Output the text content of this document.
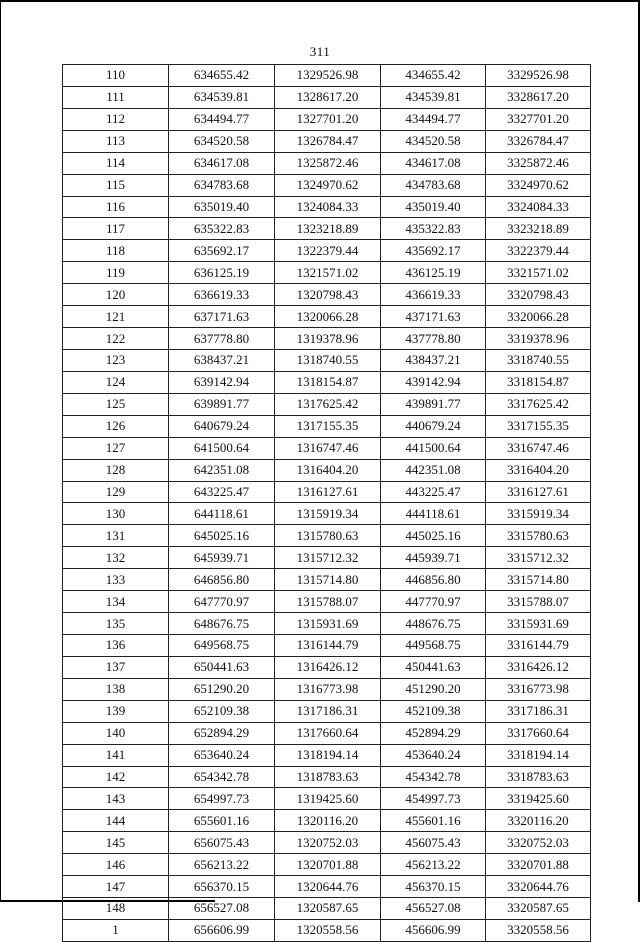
311
110	634655.42	1329526.98	434655.42	3329526.98
111	634539.81	1328617.20	434539.81	3328617.20
112	634494.77	1327701.20	434494.77	3327701.20
113	634520.58	1326784.47	434520.58	3326784.47
114	634617.08	1325872.46	434617.08	3325872.46
115	634783.68	1324970.62	434783.68	3324970.62
116	635019.40	1324084.33	435019.40	3324084.33
117	635322.83	1323218.89	435322.83	3323218.89
118	635692.17	1322379.44	435692.17	3322379.44
119	636125.19	1321571.02	436125.19	3321571.02
120	636619.33	1320798.43	436619.33	3320798.43
121	637171.63	1320066.28	437171.63	3320066.28
122	637778.80	1319378.96	437778.80	3319378.96
123	638437.21	1318740.55	438437.21	3318740.55
124	639142.94	1318154.87	439142.94	3318154.87
125	639891.77	1317625.42	439891.77	3317625.42
126	640679.24	1317155.35	440679.24	3317155.35
127	641500.64	1316747.46	441500.64	3316747.46
128	642351.08	1316404.20	442351.08	3316404.20
129	643225.47	1316127.61	443225.47	3316127.61
130	644118.61	1315919.34	444118.61	3315919.34
131	645025.16	1315780.63	445025.16	3315780.63
132	645939.71	1315712.32	445939.71	3315712.32
133	646856.80	1315714.80	446856.80	3315714.80
134	647770.97	1315788.07	447770.97	3315788.07
135	648676.75	1315931.69	448676.75	3315931.69
136	649568.75	1316144.79	449568.75	3316144.79
137	650441.63	1316426.12	450441.63	3316426.12
138	651290.20	1316773.98	451290.20	3316773.98
139	652109.38	1317186.31	452109.38	3317186.31
140	652894.29	1317660.64	452894.29	3317660.64
141	653640.24	1318194.14	453640.24	3318194.14
142	654342.78	1318783.63	454342.78	3318783.63
143	654997.73	1319425.60	454997.73	3319425.60
144	655601.16	1320116.20	455601.16	3320116.20
145	656075.43	1320752.03	456075.43	3320752.03
146	656213.22	1320701.88	456213.22	3320701.88
147	656370.15	1320644.76	456370.15	3320644.76
148	656527.08	1320587.65	456527.08	3320587.65
1	656606.99	1320558.56	456606.99	3320558.56
